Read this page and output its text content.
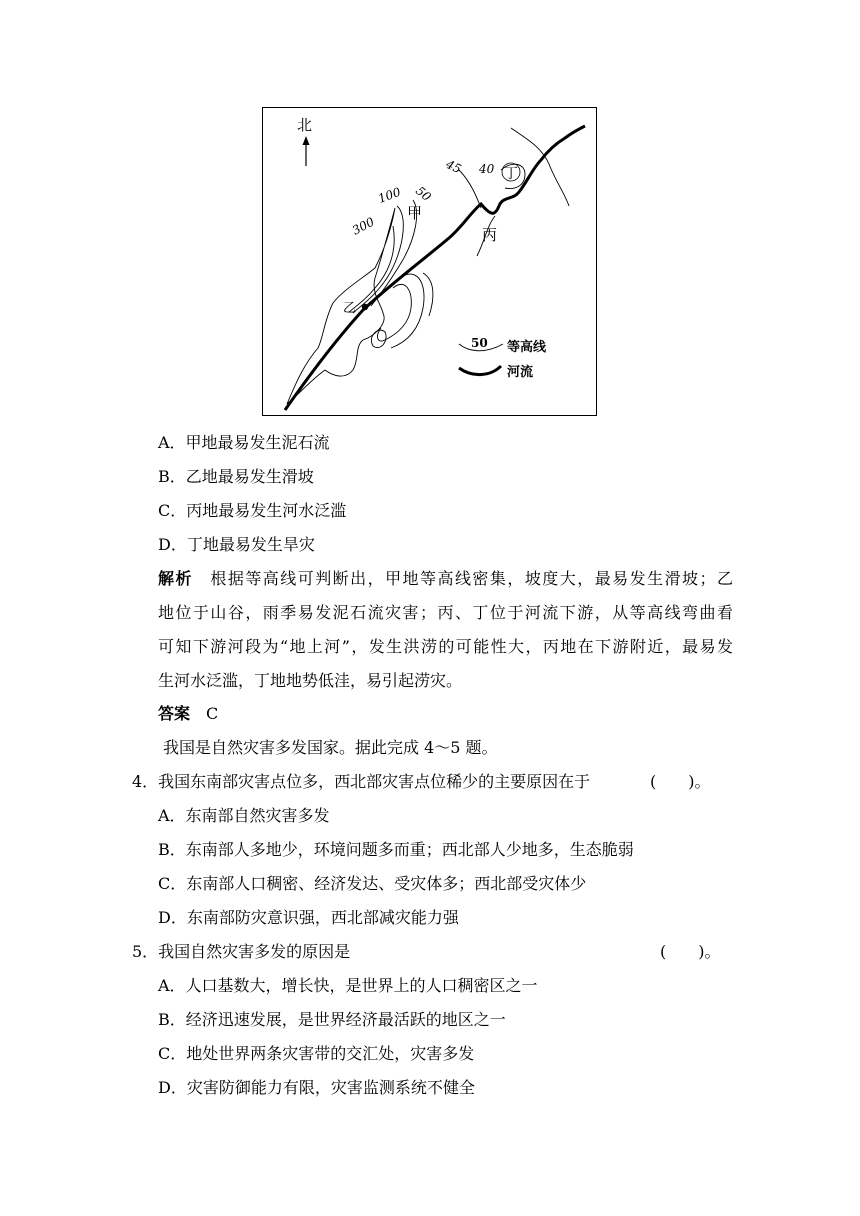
北
甲
乙
丙
丁
300
100 50
45 40
50 等高线
河流
A．甲地最易发生泥石流
B．乙地最易发生滑坡
C．丙地最易发生河水泛滥
D．丁地最易发生旱灾
解析  根据等高线可判断出，甲地等高线密集，坡度大，最易发生滑坡；乙
地位于山谷，雨季易发泥石流灾害；丙、丁位于河流下游，从等高线弯曲看
可知下游河段为“地上河”，发生洪涝的可能性大，丙地在下游附近，最易发
生河水泛滥，丁地地势低洼，易引起涝灾。
答案  C
我国是自然灾害多发国家。据此完成 4～5 题。
4．我国东南部灾害点位多，西北部灾害点位稀少的主要原因在于	(　　)。
A．东南部自然灾害多发
B．东南部人多地少，环境问题多而重；西北部人少地多，生态脆弱
C．东南部人口稠密、经济发达、受灾体多；西北部受灾体少
D．东南部防灾意识强，西北部减灾能力强
5．我国自然灾害多发的原因是	(　　)。
A．人口基数大，增长快，是世界上的人口稠密区之一
B．经济迅速发展，是世界经济最活跃的地区之一
C．地处世界两条灾害带的交汇处，灾害多发
D．灾害防御能力有限，灾害监测系统不健全
